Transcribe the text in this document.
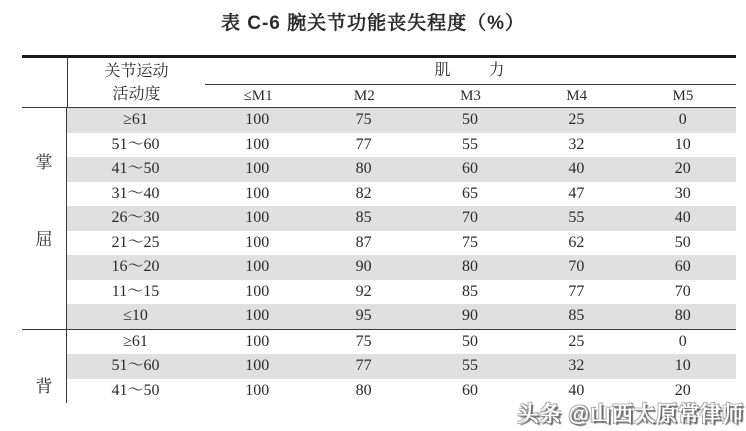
表 C-6 腕关节功能丧失程度（%）
关节运动
活动度
肌　　力
≤M1	M2	M3	M4	M5
掌
屈
≥61	100	75	50	25	0
51～60	100	77	55	32	10
41～50	100	80	60	40	20
31～40	100	82	65	47	30
26～30	100	85	70	55	40
21～25	100	87	75	62	50
16～20	100	90	80	70	60
11～15	100	92	85	77	70
≤10	100	95	90	85	80
背
≥61	100	75	50	25	0
51～60	100	77	55	32	10
41～50	100	80	60	40	20
头条 @山西太原常律师
